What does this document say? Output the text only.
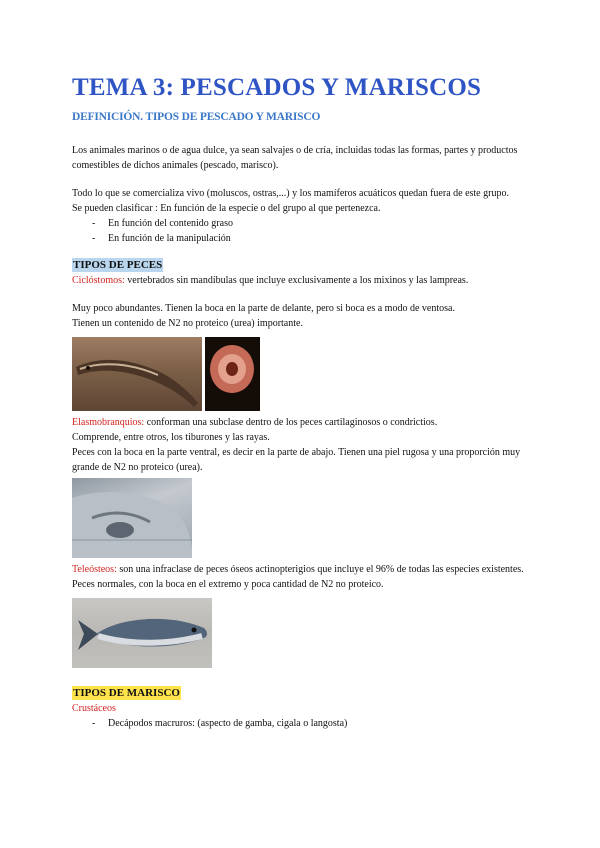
TEMA 3: PESCADOS Y MARISCOS
DEFINICIÓN. TIPOS DE PESCADO Y MARISCO

Los animales marinos o de agua dulce, ya sean salvajes o de cría, incluidas todas las formas, partes y productos comestibles de dichos animales (pescado, marisco).

Todo lo que se comercializa vivo (moluscos, ostras,...) y los mamíferos acuáticos quedan fuera de este grupo.

Se pueden clasificar : En función de la especie o del grupo al que pertenezca.

- En función del contenido graso
- En función de la manipulación
TIPOS DE PECES

Ciclóstomos: vertebrados sin mandíbulas que incluye exclusivamente a los mixinos y las lampreas.

Muy poco abundantes. Tienen la boca en la parte de delante, pero si boca es a modo de ventosa.

Tienen un contenido de N2 no proteico (urea) importante.

Elasmobranquios: conforman una subclase dentro de los peces cartilaginosos o condrictios.

Comprende, entre otros, los tiburones y las rayas.

Peces con la boca en la parte ventral, es decir en la parte de abajo. Tienen una piel rugosa y una proporción muy grande de N2 no proteico (urea).

Teleósteos: son una infraclase de peces óseos actinopterigios que incluye el 96% de todas las especies existentes.

Peces normales, con la boca en el extremo y poca cantidad de N2 no proteico.

TIPOS DE MARISCO

Crustáceos

- Decápodos macruros: (aspecto de gamba, cigala o langosta)
